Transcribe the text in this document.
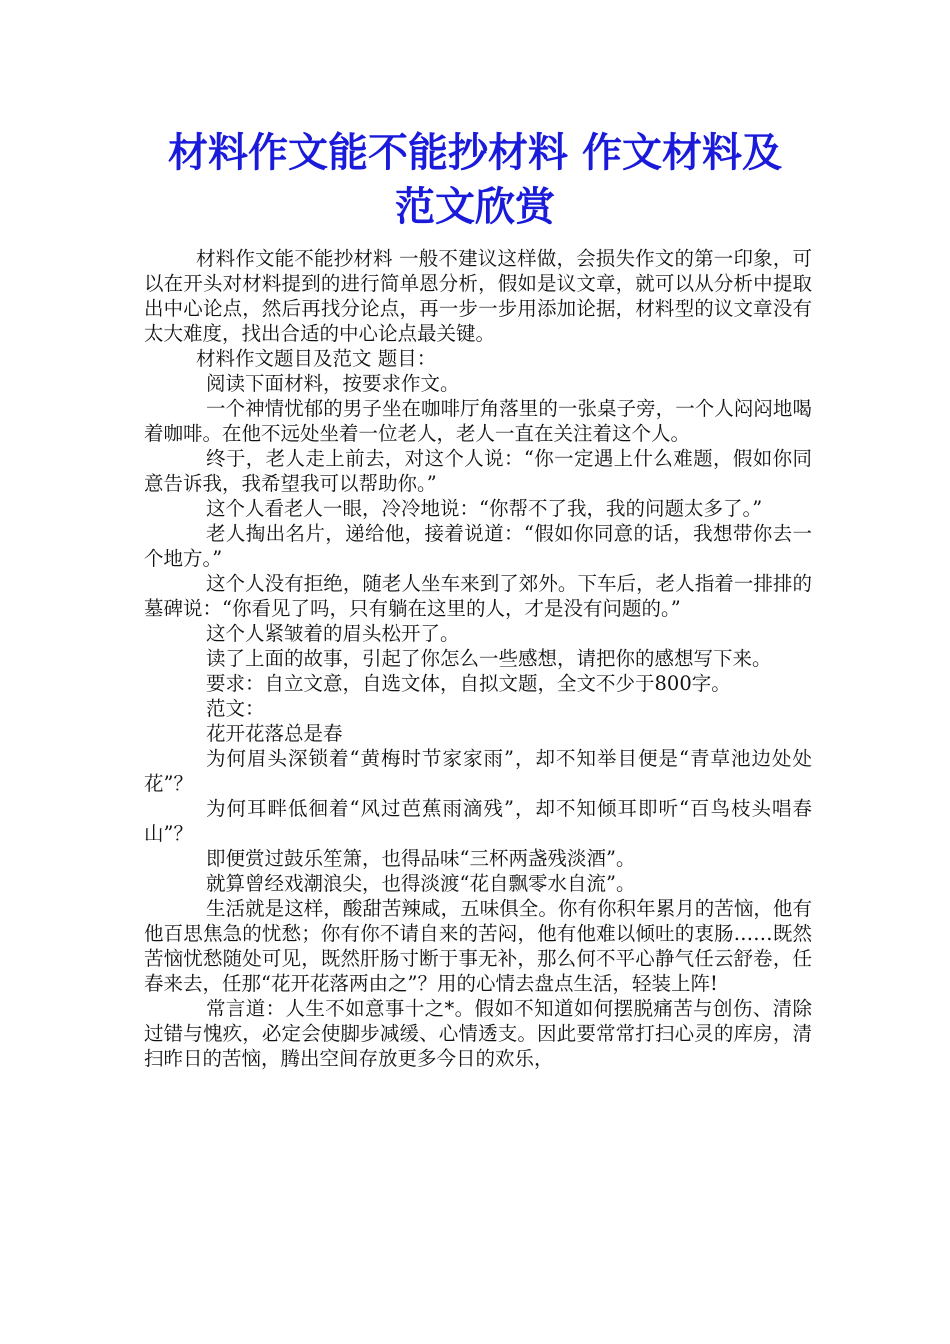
材料作文能不能抄材料 作文材料及
范文欣赏

材料作文能不能抄材料 一般不建议这样做，会损失作文的第一印象，可以在开头对材料提到的进行简单恩分析，假如是议文章，就可以从分析中提取出中心论点，然后再找分论点，再一步一步用添加论据，材料型的议文章没有太大难度，找出合适的中心论点最关键。

材料作文题目及范文 题目：

阅读下面材料，按要求作文。

一个神情忧郁的男子坐在咖啡厅角落里的一张桌子旁，一个人闷闷地喝着咖啡。在他不远处坐着一位老人，老人一直在关注着这个人。

终于，老人走上前去，对这个人说：“你一定遇上什么难题，假如你同意告诉我，我希望我可以帮助你。”

这个人看老人一眼，冷冷地说：“你帮不了我，我的问题太多了。”

老人掏出名片，递给他，接着说道：“假如你同意的话，我想带你去一个地方。”

这个人没有拒绝，随老人坐车来到了郊外。下车后，老人指着一排排的墓碑说：“你看见了吗，只有躺在这里的人，才是没有问题的。”

这个人紧皱着的眉头松开了。

读了上面的故事，引起了你怎么一些感想，请把你的感想写下来。

要求：自立文意，自选文体，自拟文题，全文不少于800字。

范文：

花开花落总是春

为何眉头深锁着“黄梅时节家家雨”，却不知举目便是“青草池边处处花”？

为何耳畔低徊着“风过芭蕉雨滴残”，却不知倾耳即听“百鸟枝头唱春山”？

即便赏过鼓乐笙箫，也得品味“三杯两盏残淡酒”。

就算曾经戏潮浪尖，也得淡渡“花自飘零水自流”。

生活就是这样，酸甜苦辣咸，五味俱全。你有你积年累月的苦恼，他有他百思焦急的忧愁；你有你不请自来的苦闷，他有他难以倾吐的衷肠……既然苦恼忧愁随处可见，既然肝肠寸断于事无补，那么何不平心静气任云舒卷，任春来去，任那“花开花落两由之”？用的心情去盘点生活，轻装上阵!

常言道：人生不如意事十之*。假如不知道如何摆脱痛苦与创伤、清除过错与愧疚，必定会使脚步减缓、心情透支。因此要常常打扫心灵的库房，清扫昨日的苦恼，腾出空间存放更多今日的欢乐，
